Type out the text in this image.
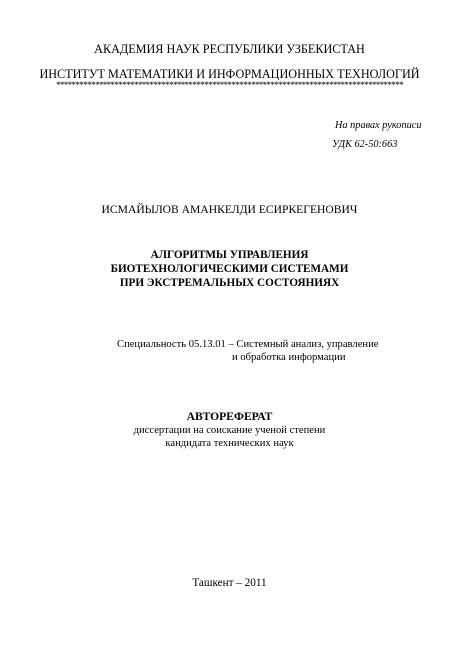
АКАДЕМИЯ НАУК РЕСПУБЛИКИ УЗБЕКИСТАН
ИНСТИТУТ МАТЕМАТИКИ И ИНФОРМАЦИОННЫХ ТЕХНОЛОГИЙ
*****************************************************************************************
На правах рукописи
УДК 62-50:663
ИСМАЙЫЛОВ АМАНКЕЛДИ ЕСИРКЕГЕНОВИЧ
АЛГОРИТМЫ УПРАВЛЕНИЯ
БИОТЕХНОЛОГИЧЕСКИМИ СИСТЕМАМИ
ПРИ ЭКСТРЕМАЛЬНЫХ СОСТОЯНИЯХ
Специальность 05.13.01 – Системный анализ, управление
и обработка информации
АВТОРЕФЕРАТ
диссертации на соискание ученой степени
кандидата технических наук
Ташкент – 2011
